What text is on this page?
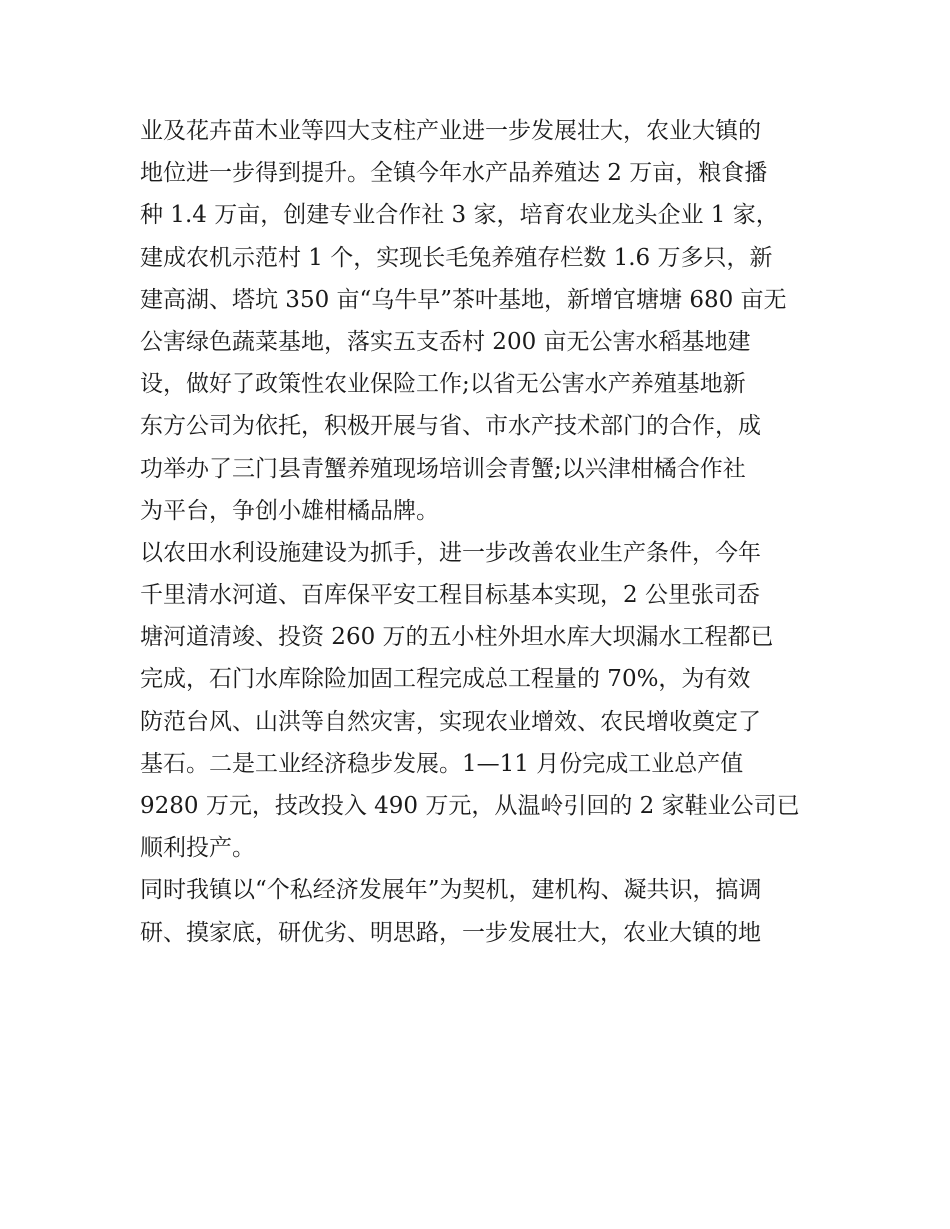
业及花卉苗木业等四大支柱产业进一步发展壮大，农业大镇的
地位进一步得到提升。全镇今年水产品养殖达 2 万亩，粮食播
种 1.4 万亩，创建专业合作社 3 家，培育农业龙头企业 1 家，
建成农机示范村 1 个，实现长毛兔养殖存栏数 1.6 万多只，新
建高湖、塔坑 350 亩“乌牛早”茶叶基地，新增官塘塘 680 亩无
公害绿色蔬菜基地，落实五支岙村 200 亩无公害水稻基地建
设，做好了政策性农业保险工作;以省无公害水产养殖基地新
东方公司为依托，积极开展与省、市水产技术部门的合作，成
功举办了三门县青蟹养殖现场培训会青蟹;以兴津柑橘合作社
为平台，争创小雄柑橘品牌。
以农田水利设施建设为抓手，进一步改善农业生产条件，今年
千里清水河道、百库保平安工程目标基本实现，2 公里张司岙
塘河道清竣、投资 260 万的五小柱外坦水库大坝漏水工程都已
完成，石门水库除险加固工程完成总工程量的 70%，为有效
防范台风、山洪等自然灾害，实现农业增效、农民增收奠定了
基石。二是工业经济稳步发展。1—11 月份完成工业总产值
9280 万元，技改投入 490 万元，从温岭引回的 2 家鞋业公司已
顺利投产。
同时我镇以“个私经济发展年”为契机，建机构、凝共识，搞调
研、摸家底，研优劣、明思路，一步发展壮大，农业大镇的地
